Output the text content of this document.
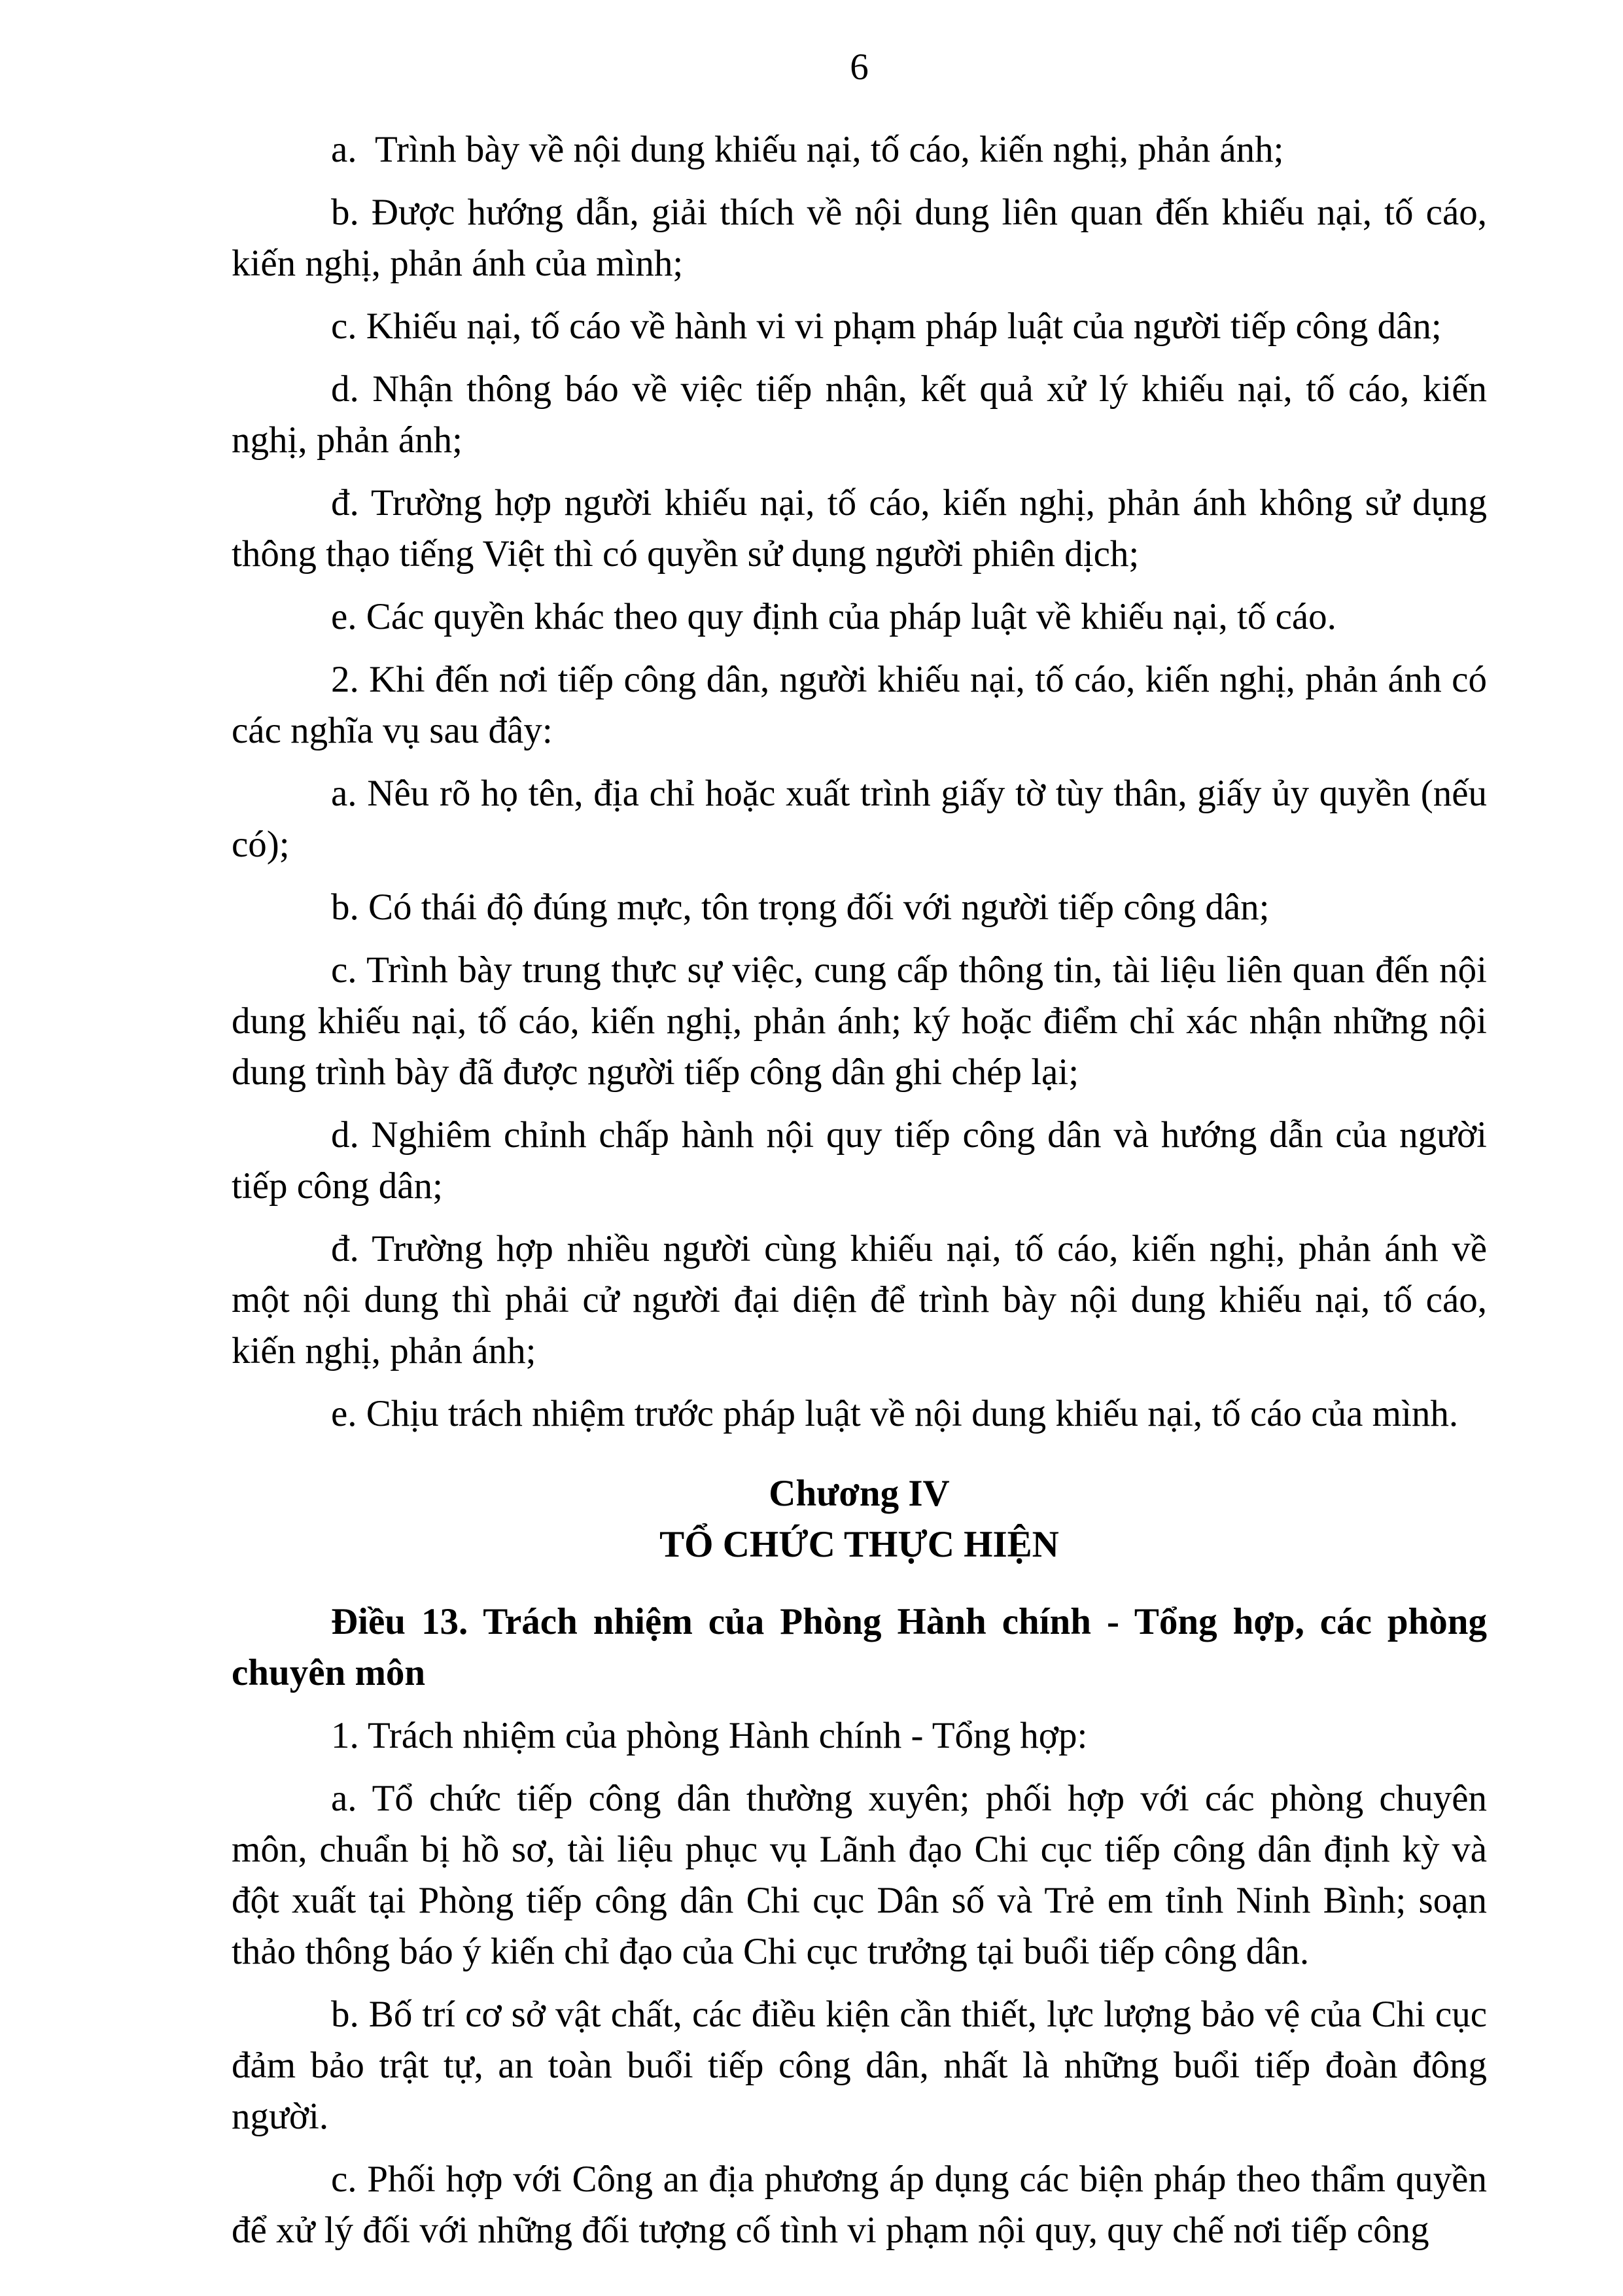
6

a.  Trình bày về nội dung khiếu nại, tố cáo, kiến nghị, phản ánh;

b. Được hướng dẫn, giải thích về nội dung liên quan đến khiếu nại, tố cáo, kiến nghị, phản ánh của mình;

c. Khiếu nại, tố cáo về hành vi vi phạm pháp luật của người tiếp công dân;

d. Nhận thông báo về việc tiếp nhận, kết quả xử lý khiếu nại, tố cáo, kiến nghị, phản ánh;

đ. Trường hợp người khiếu nại, tố cáo, kiến nghị, phản ánh không sử dụng thông thạo tiếng Việt thì có quyền sử dụng người phiên dịch;

e. Các quyền khác theo quy định của pháp luật về khiếu nại, tố cáo.

2. Khi đến nơi tiếp công dân, người khiếu nại, tố cáo, kiến nghị, phản ánh có các nghĩa vụ sau đây:

a. Nêu rõ họ tên, địa chỉ hoặc xuất trình giấy tờ tùy thân, giấy ủy quyền (nếu có);

b. Có thái độ đúng mực, tôn trọng đối với người tiếp công dân;

c. Trình bày trung thực sự việc, cung cấp thông tin, tài liệu liên quan đến nội dung khiếu nại, tố cáo, kiến nghị, phản ánh; ký hoặc điểm chỉ xác nhận những nội dung trình bày đã được người tiếp công dân ghi chép lại;

d. Nghiêm chỉnh chấp hành nội quy tiếp công dân và hướng dẫn của người tiếp công dân;

đ. Trường hợp nhiều người cùng khiếu nại, tố cáo, kiến nghị, phản ánh về một nội dung thì phải cử người đại diện để trình bày nội dung khiếu nại, tố cáo, kiến nghị, phản ánh;

e. Chịu trách nhiệm trước pháp luật về nội dung khiếu nại, tố cáo của mình.

Chương IV

TỔ CHỨC THỰC HIỆN

Điều 13. Trách nhiệm của Phòng Hành chính - Tổng hợp, các phòng chuyên môn

1. Trách nhiệm của phòng Hành chính - Tổng hợp:

a. Tổ chức tiếp công dân thường xuyên; phối hợp với các phòng chuyên môn, chuẩn bị hồ sơ, tài liệu phục vụ Lãnh đạo Chi cục tiếp công dân định kỳ và đột xuất tại Phòng tiếp công dân Chi cục Dân số và Trẻ em tỉnh Ninh Bình; soạn thảo thông báo ý kiến chỉ đạo của Chi cục trưởng tại buổi tiếp công dân.

b. Bố trí cơ sở vật chất, các điều kiện cần thiết, lực lượng bảo vệ của Chi cục đảm bảo trật tự, an toàn buổi tiếp công dân, nhất là những buổi tiếp đoàn đông người.

c. Phối hợp với Công an địa phương áp dụng các biện pháp theo thẩm quyền để xử lý đối với những đối tượng cố tình vi phạm nội quy, quy chế nơi tiếp công
